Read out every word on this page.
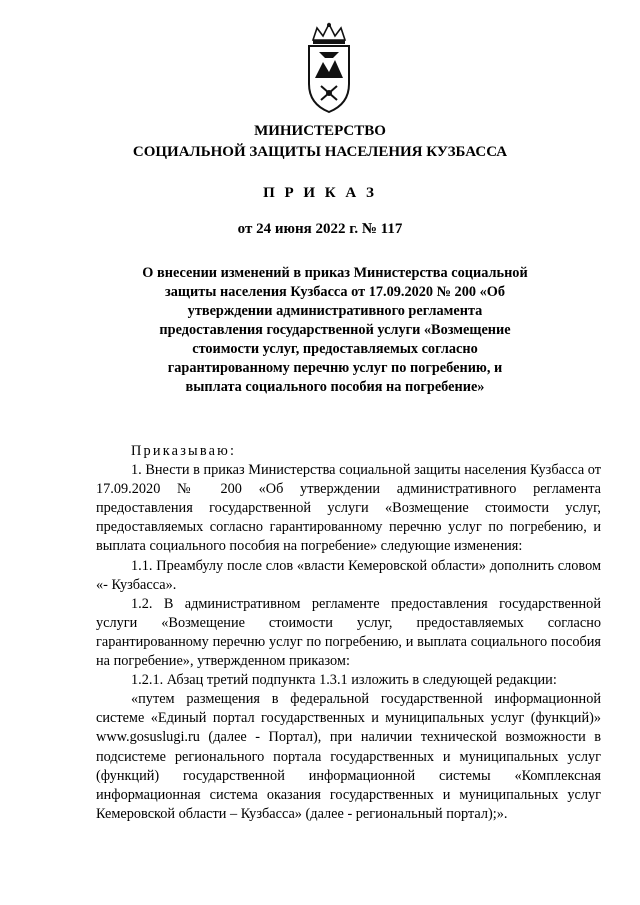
МИНИСТЕРСТВО
СОЦИАЛЬНОЙ ЗАЩИТЫ НАСЕЛЕНИЯ КУЗБАССА
П Р И К А З
от 24 июня 2022 г. № 117
О внесении изменений в приказ Министерства социальной защиты населения Кузбасса от 17.09.2020 № 200 «Об утверждении административного регламента предоставления государственной услуги «Возмещение стоимости услуг, предоставляемых согласно гарантированному перечню услуг по погребению, и выплата социального пособия на погребение»

Приказываю:

1. Внести в приказ Министерства социальной защиты населения Кузбасса от 17.09.2020 № 200 «Об утверждении административного регламента предоставления государственной услуги «Возмещение стоимости услуг, предоставляемых согласно гарантированному перечню услуг по погребению, и выплата социального пособия на погребение» следующие изменения:

1.1. Преамбулу после слов «власти Кемеровской области» дополнить словом «- Кузбасса».

1.2. В административном регламенте предоставления государственной услуги «Возмещение стоимости услуг, предоставляемых согласно гарантированному перечню услуг по погребению, и выплата социального пособия на погребение», утвержденном приказом:

1.2.1. Абзац третий подпункта 1.3.1 изложить в следующей редакции:

«путем размещения в федеральной государственной информационной системе «Единый портал государственных и муниципальных услуг (функций)» www.gosuslugi.ru (далее - Портал), при наличии технической возможности в подсистеме регионального портала государственных и муниципальных услуг (функций) государственной информационной системы «Комплексная информационная система оказания государственных и муниципальных услуг Кемеровской области – Кузбасса» (далее - региональный портал);».
